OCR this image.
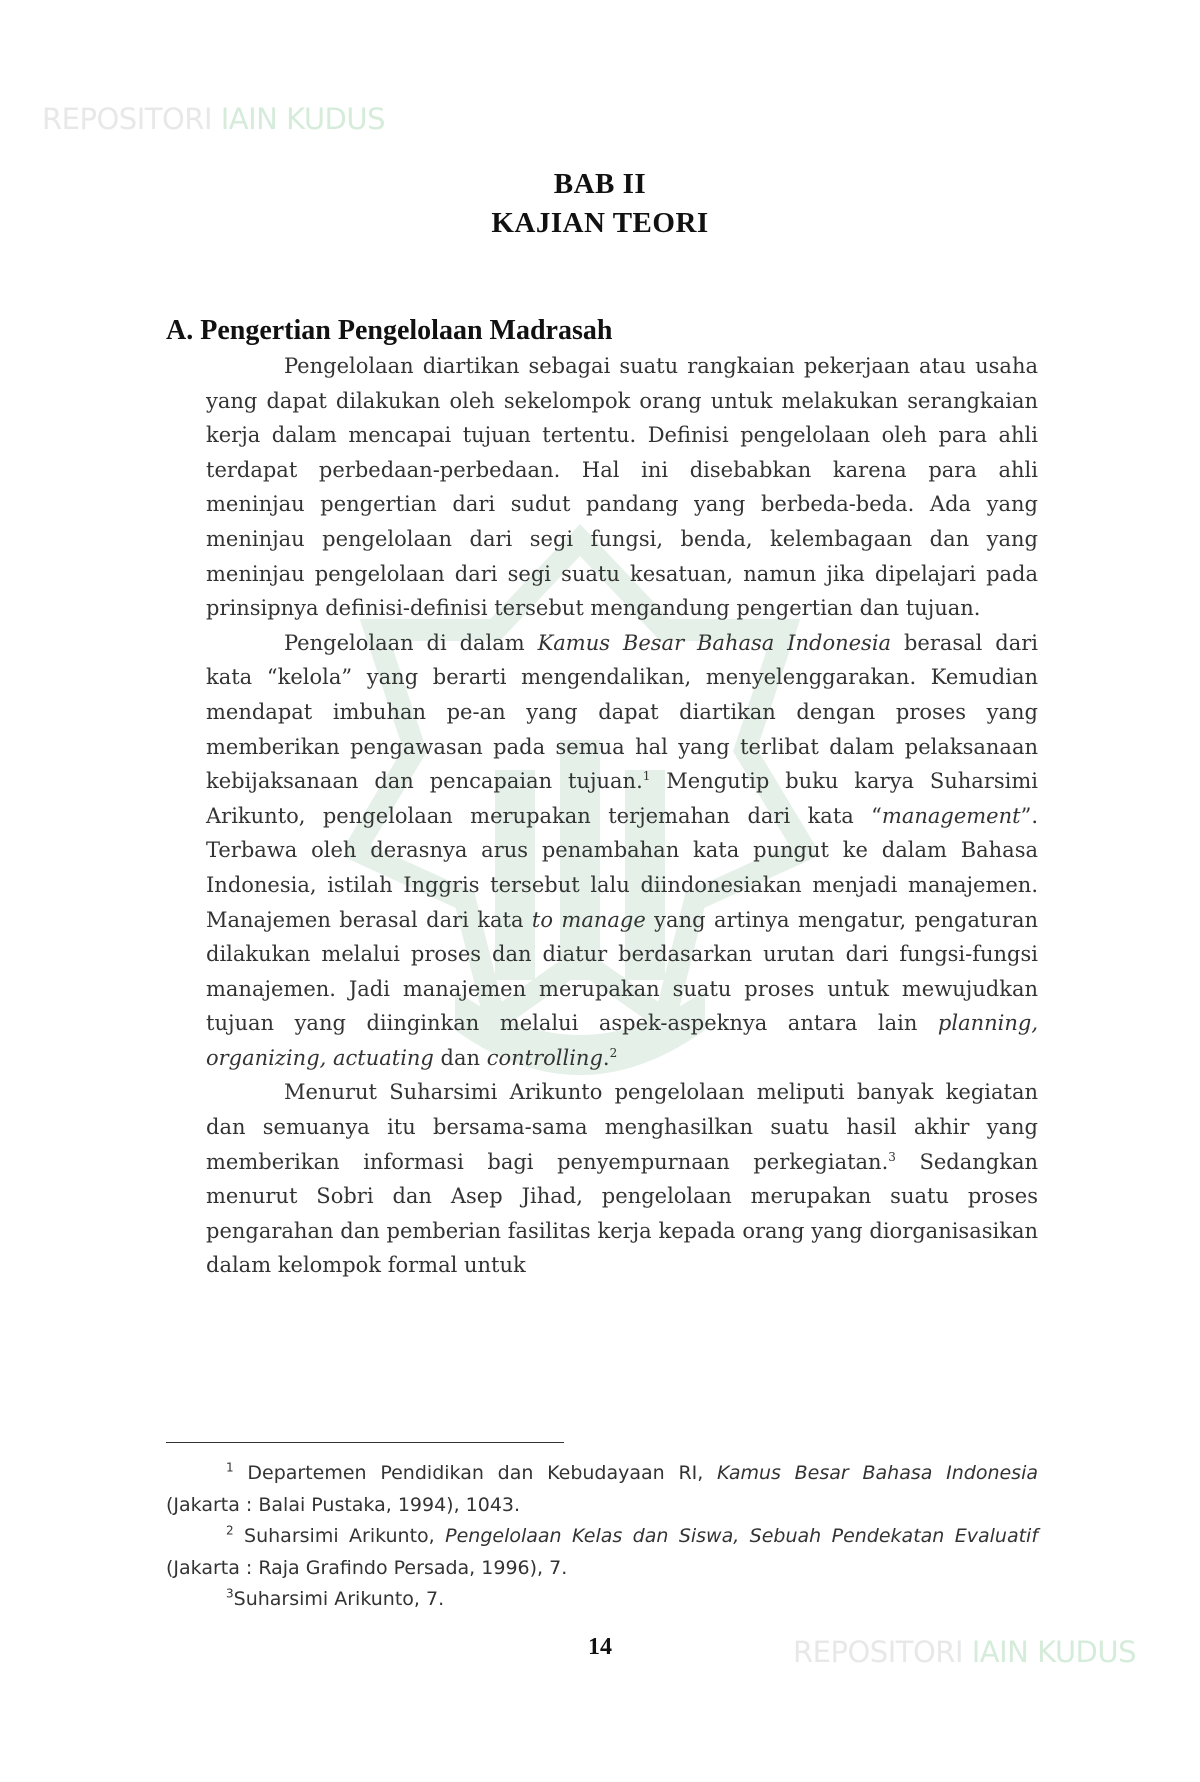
REPOSITORI IAIN KUDUS
REPOSITORI IAIN KUDUS
BAB II
KAJIAN TEORI
A. Pengertian Pengelolaan Madrasah

Pengelolaan diartikan sebagai suatu rangkaian pekerjaan atau usaha yang dapat dilakukan oleh sekelompok orang untuk melakukan serangkaian kerja dalam mencapai tujuan tertentu. Definisi pengelolaan oleh para ahli terdapat perbedaan-perbedaan. Hal ini disebabkan karena para ahli meninjau pengertian dari sudut pandang yang berbeda-beda. Ada yang meninjau pengelolaan dari segi fungsi, benda, kelembagaan dan yang meninjau pengelolaan dari segi suatu kesatuan, namun jika dipelajari pada prinsipnya definisi-definisi tersebut mengandung pengertian dan tujuan.

Pengelolaan di dalam Kamus Besar Bahasa Indonesia berasal dari kata “kelola” yang berarti mengendalikan, menyelenggarakan. Kemudian mendapat imbuhan pe-an yang dapat diartikan dengan proses yang memberikan pengawasan pada semua hal yang terlibat dalam pelaksanaan kebijaksanaan dan pencapaian tujuan.$^1$ Mengutip buku karya Suharsimi Arikunto, pengelolaan merupakan terjemahan dari kata “management”. Terbawa oleh derasnya arus penambahan kata pungut ke dalam Bahasa Indonesia, istilah Inggris tersebut lalu diindonesiakan menjadi manajemen. Manajemen berasal dari kata to manage yang artinya mengatur, pengaturan dilakukan melalui proses dan diatur berdasarkan urutan dari fungsi-fungsi manajemen. Jadi manajemen merupakan suatu proses untuk mewujudkan tujuan yang diinginkan melalui aspek-aspeknya antara lain planning, organizing, actuating dan controlling.$^2$

Menurut Suharsimi Arikunto pengelolaan meliputi banyak kegiatan dan semuanya itu bersama-sama menghasilkan suatu hasil akhir yang memberikan informasi bagi penyempurnaan perkegiatan.$^3$ Sedangkan menurut Sobri dan Asep Jihad, pengelolaan merupakan suatu proses pengarahan dan pemberian fasilitas kerja kepada orang yang diorganisasikan dalam kelompok formal untuk

$^1$ Departemen Pendidikan dan Kebudayaan RI, Kamus Besar Bahasa Indonesia (Jakarta : Balai Pustaka, 1994), 1043.

$^2$ Suharsimi Arikunto, Pengelolaan Kelas dan Siswa, Sebuah Pendekatan Evaluatif (Jakarta : Raja Grafindo Persada, 1996), 7.

$^3$Suharsimi Arikunto, 7.

14
